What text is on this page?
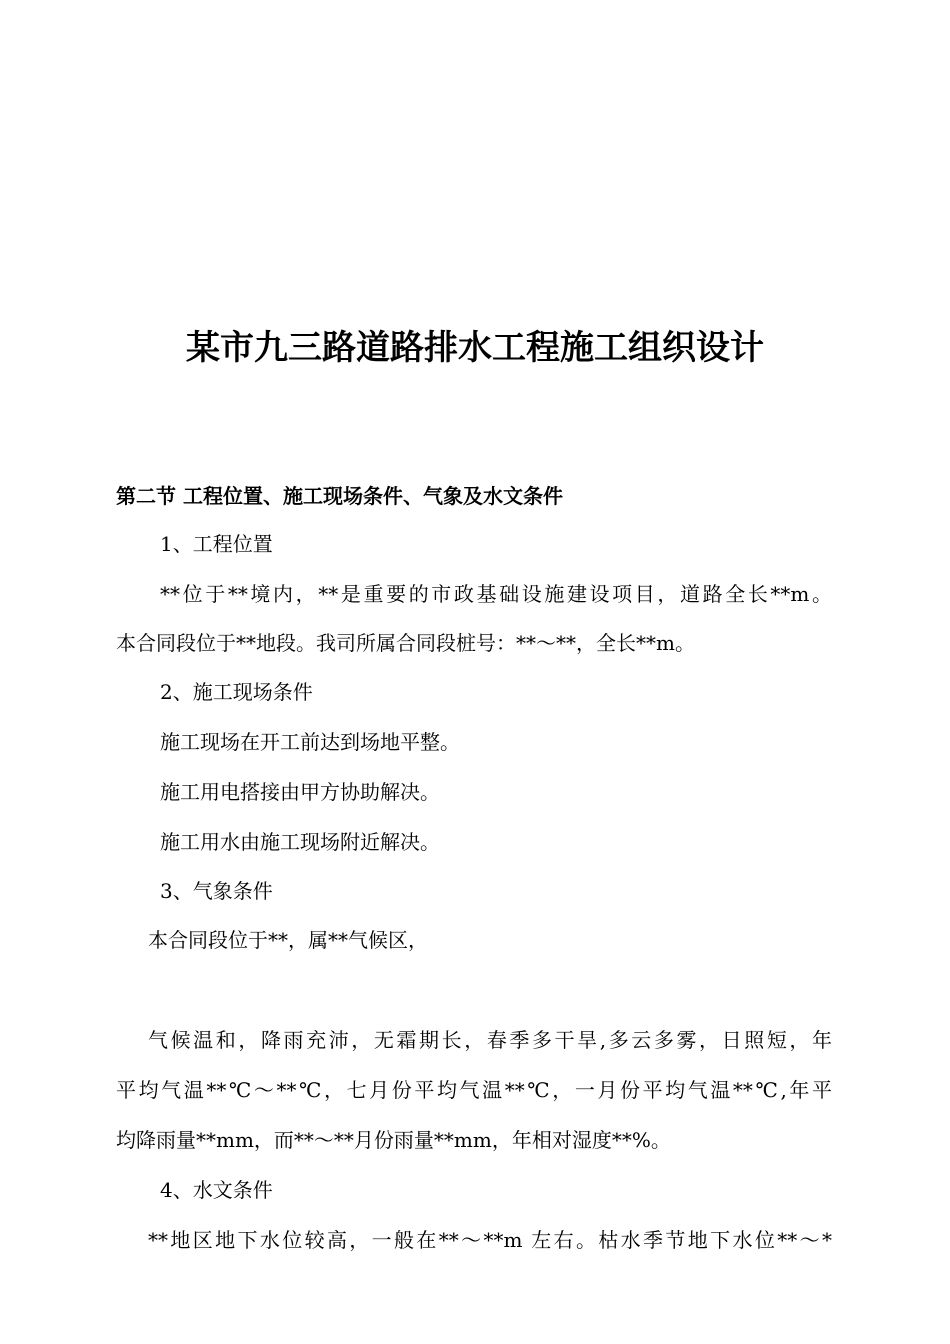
某市九三路道路排水工程施工组织设计
第二节 工程位置、施工现场条件、气象及水文条件
1、工程位置
**位于**境内，**是重要的市政基础设施建设项目，道路全长**m。
本合同段位于**地段。我司所属合同段桩号：**～**，全长**m。
2、施工现场条件
施工现场在开工前达到场地平整。
施工用电搭接由甲方协助解决。
施工用水由施工现场附近解决。
3、气象条件
本合同段位于**，属**气候区，
气候温和，降雨充沛，无霜期长，春季多干旱,多云多雾，日照短，年
平均气温**℃～**℃，七月份平均气温**℃，一月份平均气温**℃,年平
均降雨量**mm，而**～**月份雨量**mm，年相对湿度**%。
4、水文条件
**地区地下水位较高，一般在**～**m 左右。枯水季节地下水位**～*
